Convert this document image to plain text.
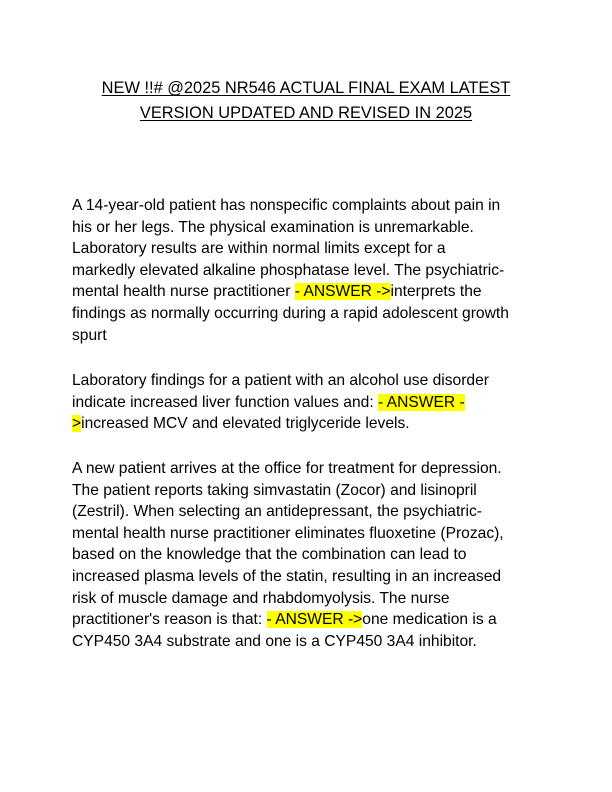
NEW !!# @2025 NR546 ACTUAL FINAL EXAM LATEST
VERSION UPDATED AND REVISED IN 2025

A 14-year-old patient has nonspecific complaints about pain in
his or her legs. The physical examination is unremarkable.
Laboratory results are within normal limits except for a
markedly elevated alkaline phosphatase level. The psychiatric-
mental health nurse practitioner - ANSWER ->interprets the
findings as normally occurring during a rapid adolescent growth
spurt

Laboratory findings for a patient with an alcohol use disorder
indicate increased liver function values and: - ANSWER -
>increased MCV and elevated triglyceride levels.

A new patient arrives at the office for treatment for depression.
The patient reports taking simvastatin (Zocor) and lisinopril
(Zestril). When selecting an antidepressant, the psychiatric-
mental health nurse practitioner eliminates fluoxetine (Prozac),
based on the knowledge that the combination can lead to
increased plasma levels of the statin, resulting in an increased
risk of muscle damage and rhabdomyolysis. The nurse
practitioner's reason is that: - ANSWER ->one medication is a
CYP450 3A4 substrate and one is a CYP450 3A4 inhibitor.
